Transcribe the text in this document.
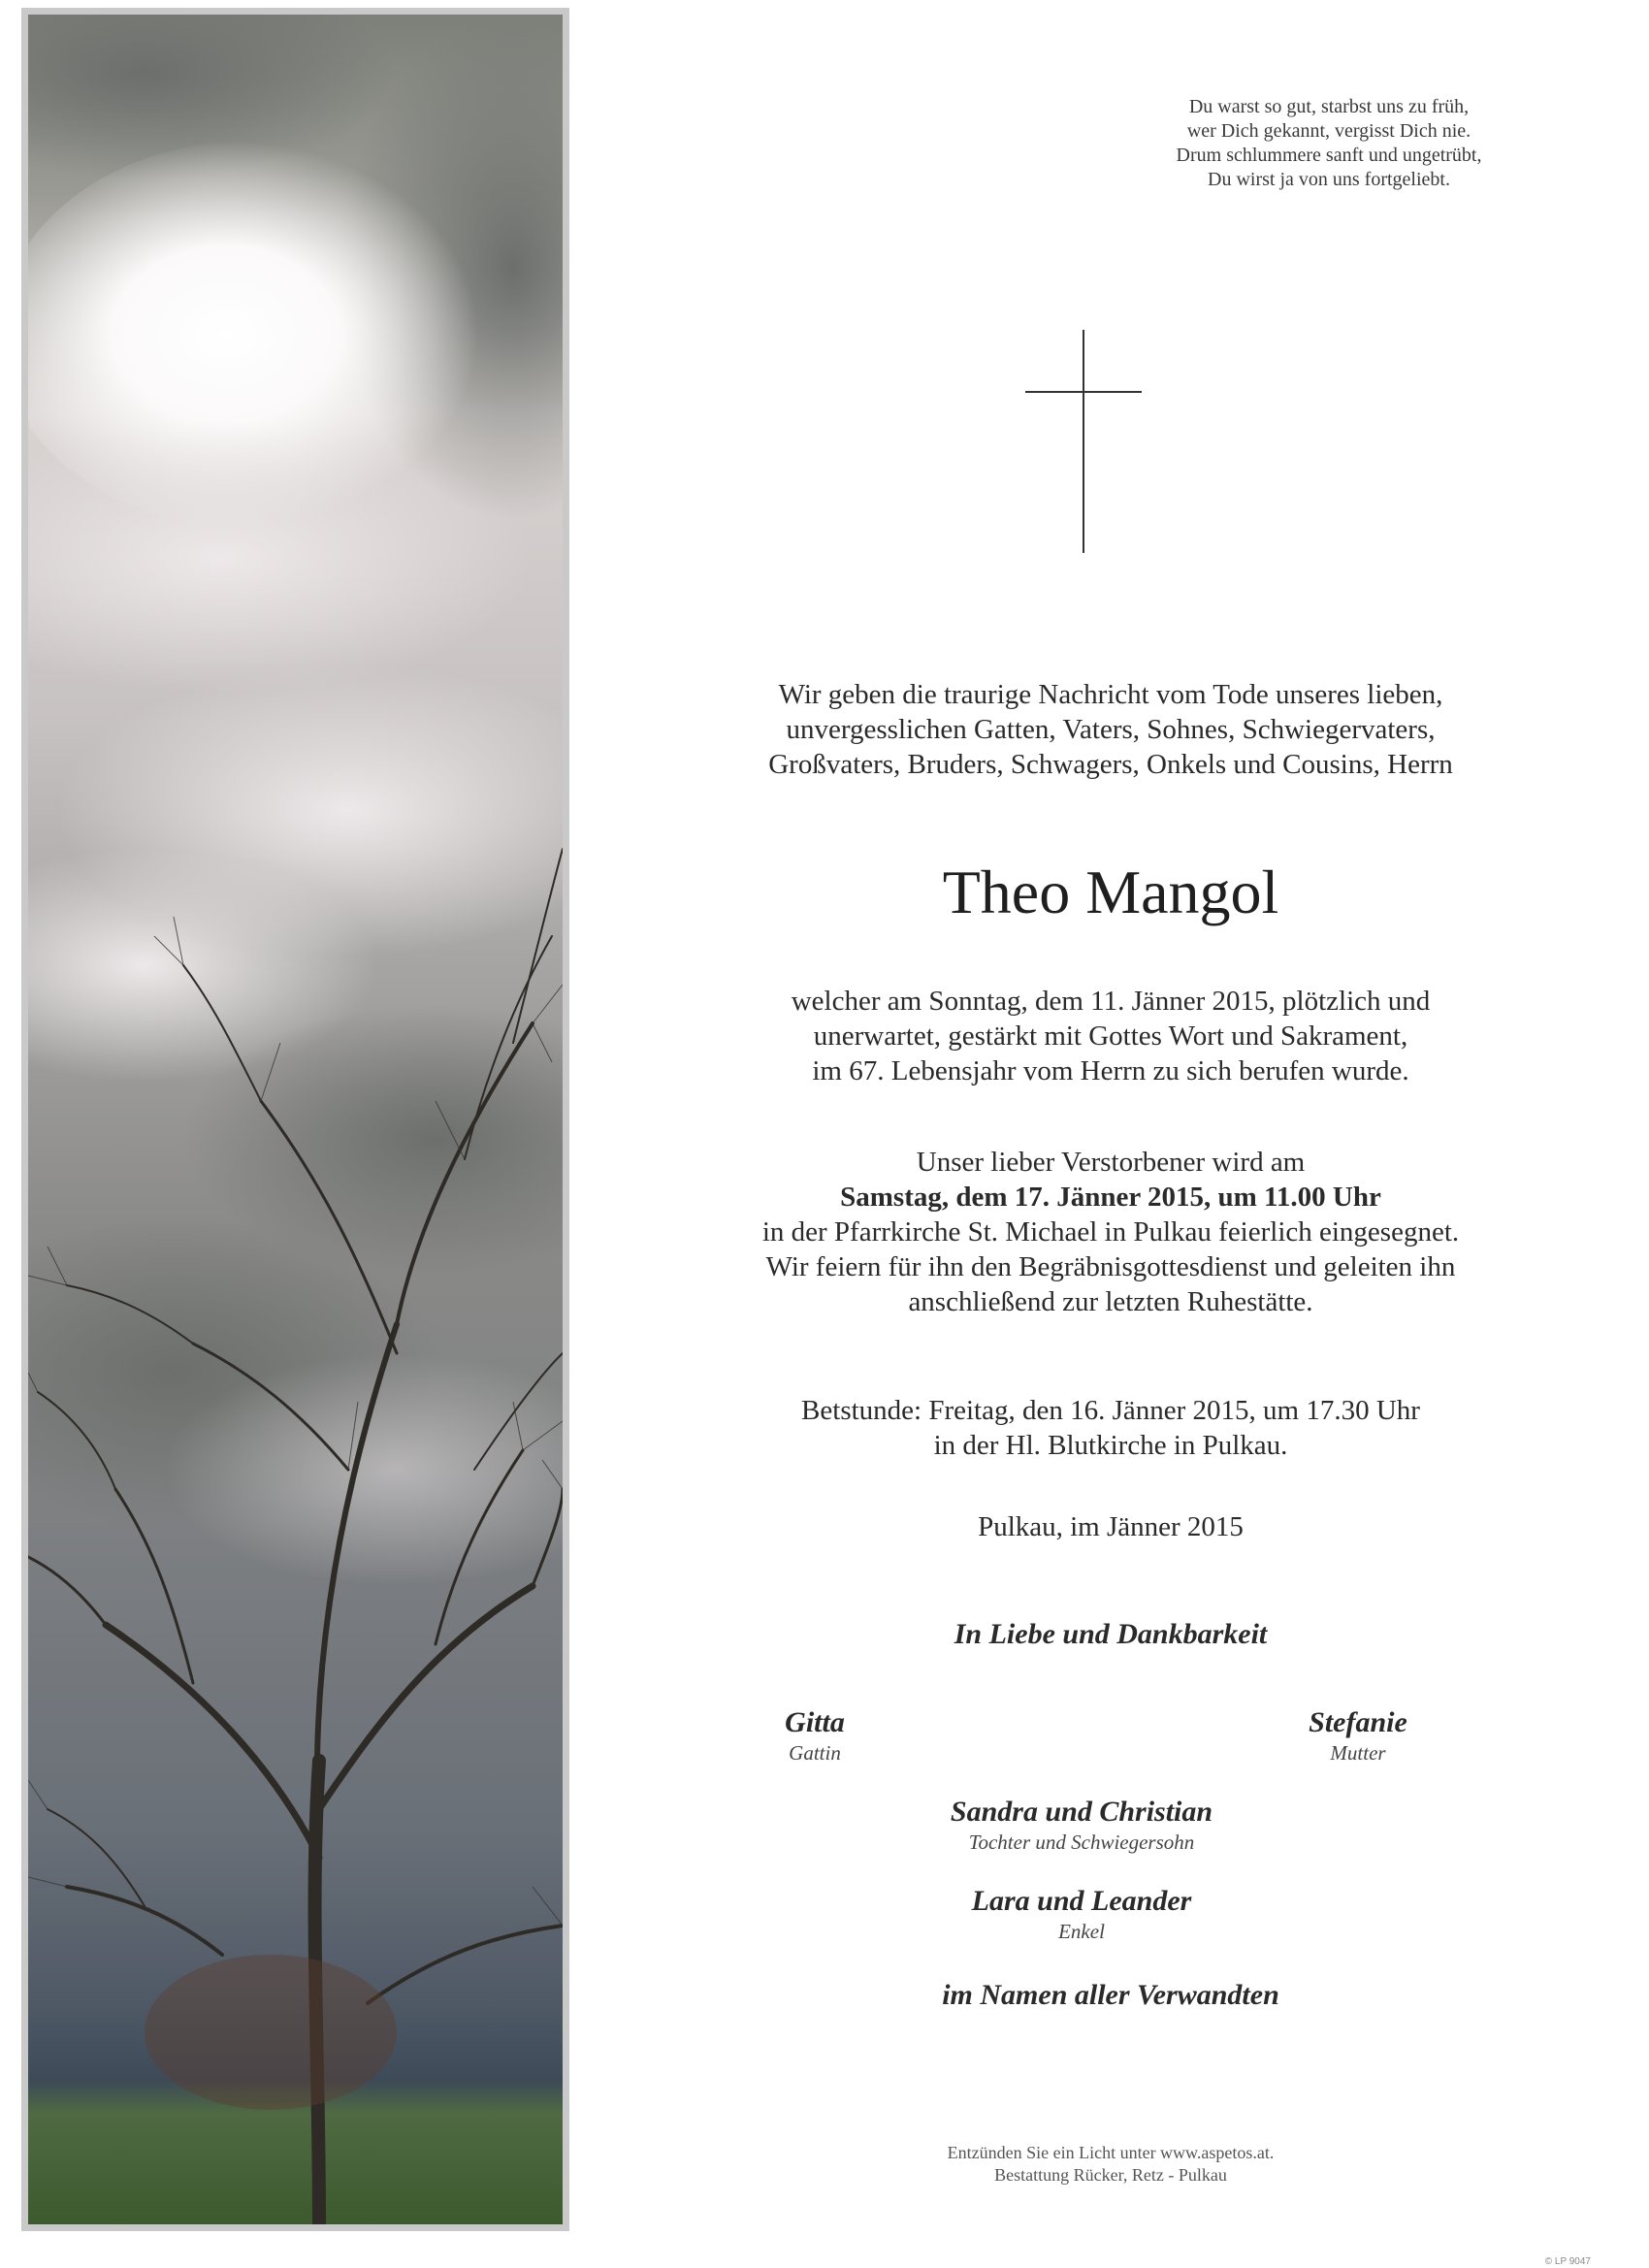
Du warst so gut, starbst uns zu früh,
wer Dich gekannt, vergisst Dich nie.
Drum schlummere sanft und ungetrübt,
Du wirst ja von uns fortgeliebt.
Wir geben die traurige Nachricht vom Tode unseres lieben,
unvergesslichen Gatten, Vaters, Sohnes, Schwiegervaters,
Großvaters, Bruders, Schwagers, Onkels und Cousins, Herrn
Theo Mangol
welcher am Sonntag, dem 11. Jänner 2015, plötzlich und
unerwartet, gestärkt mit Gottes Wort und Sakrament,
im 67. Lebensjahr vom Herrn zu sich berufen wurde.
Unser lieber Verstorbener wird am
Samstag, dem 17. Jänner 2015, um 11.00 Uhr
in der Pfarrkirche St. Michael in Pulkau feierlich eingesegnet.
Wir feiern für ihn den Begräbnisgottesdienst und geleiten ihn
anschließend zur letzten Ruhestätte.
Betstunde: Freitag, den 16. Jänner 2015, um 17.30 Uhr
in der Hl. Blutkirche in Pulkau.
Pulkau, im Jänner 2015
In Liebe und Dankbarkeit
Gitta
Gattin
Stefanie
Mutter
Sandra und Christian
Tochter und Schwiegersohn
Lara und Leander
Enkel
im Namen aller Verwandten
Entzünden Sie ein Licht unter www.aspetos.at.
Bestattung Rücker, Retz - Pulkau
© LP 9047
